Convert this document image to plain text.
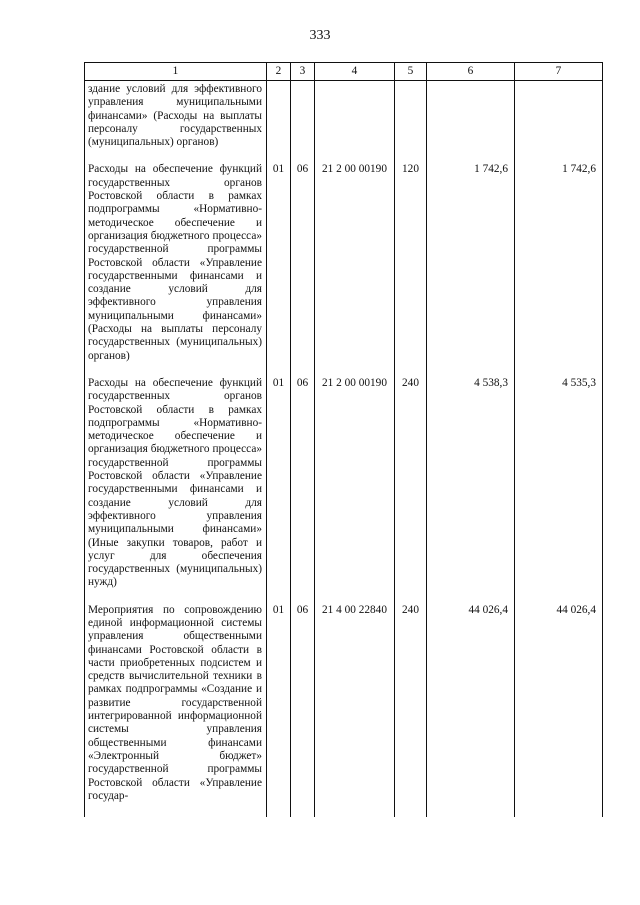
333
1	2	3	4	5	6	7
здание условий для эффективного управления муниципальными финансами» (Расходы на выплаты персоналу государственных (муниципальных) органов)						
Расходы на обеспечение функций государственных органов Ростовской области в рамках подпрограммы «Нормативно-методическое обеспечение и организация бюджетного процесса» государственной программы Ростовской области «Управление государственными финансами и создание условий для эффективного управления муниципальными финансами» (Расходы на выплаты персоналу государственных (муниципальных) органов)	01	06	21 2 00 00190	120	1 742,6	1 742,6
Расходы на обеспечение функций государственных органов Ростовской области в рамках подпрограммы «Нормативно-методическое обеспечение и организация бюджетного процесса» государственной программы Ростовской области «Управление государственными финансами и создание условий для эффективного управления муниципальными финансами» (Иные закупки товаров, работ и услуг для обеспечения государственных (муниципальных) нужд)	01	06	21 2 00 00190	240	4 538,3	4 535,3
Мероприятия по сопровождению единой информационной системы управления общественными финансами Ростовской области в части приобретенных подсистем и средств вычислительной техники в рамках подпрограммы «Создание и развитие государственной интегрированной информационной системы управления общественными финансами «Электронный бюджет» государственной программы Ростовской области «Управление государ-	01	06	21 4 00 22840	240	44 026,4	44 026,4
